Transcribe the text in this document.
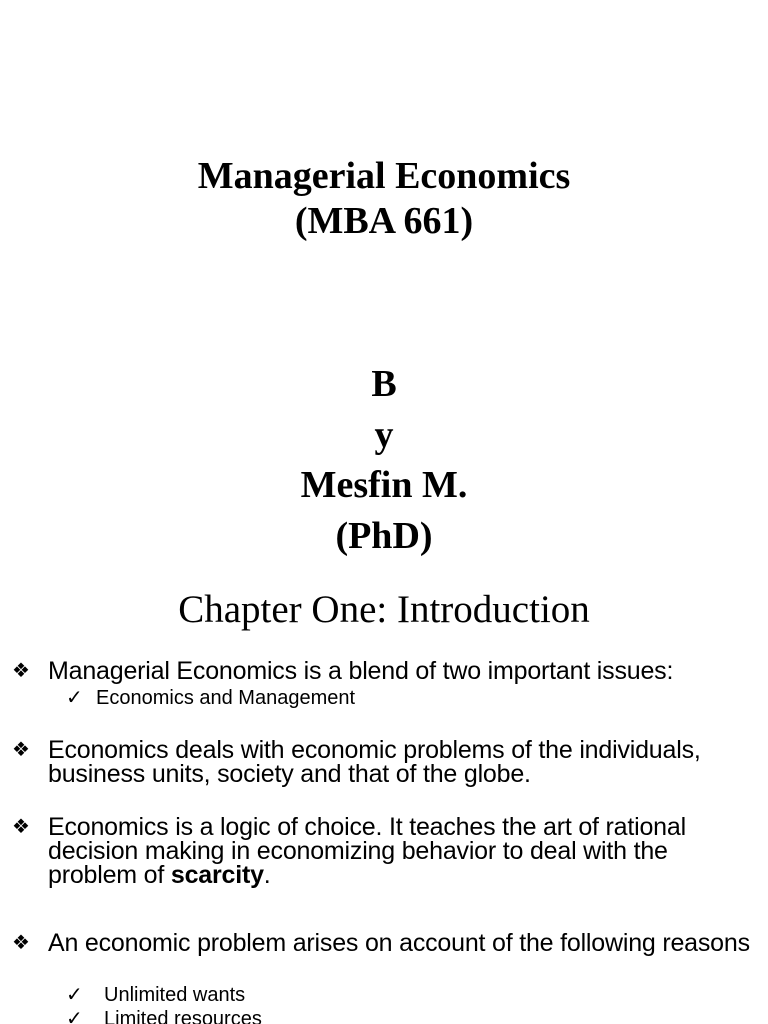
Managerial Economics
(MBA 661)
B
y
Mesfin M.
(PhD)
Chapter One: Introduction
❖ Managerial Economics is a blend of two important issues:
✓ Economics and Management
❖ Economics deals with economic problems of the individuals, business units, society and that of the globe.
❖ Economics is a logic of choice. It teaches the art of rational decision making in economizing behavior to deal with the problem of scarcity.
❖ An economic problem arises on account of the following reasons
✓ Unlimited wants
✓ Limited resources
